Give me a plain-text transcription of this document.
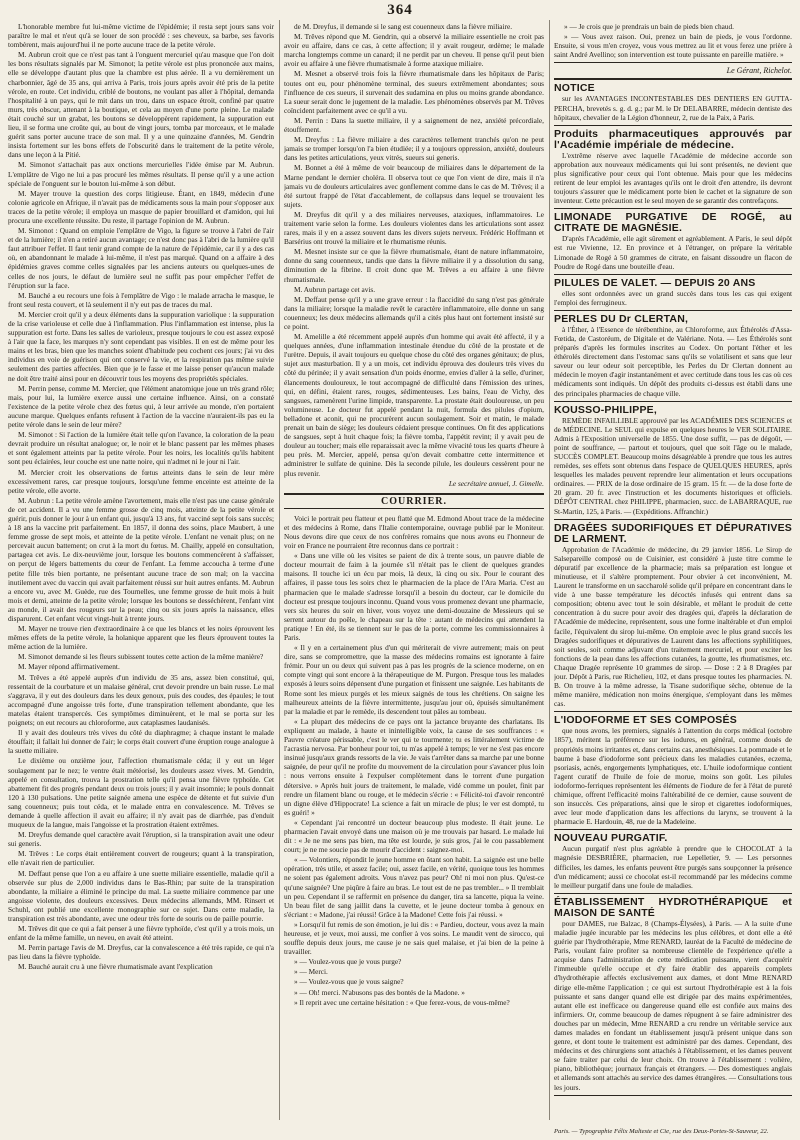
364

L'honorable membre fut lui-même victime de l'épidémie; il resta sept jours sans voir paraître le mal et n'eut qu'à se louer de son procédé : ses cheveux, sa barbe, ses favoris tombèrent, mais aujourd'hui il ne porte aucune trace de la petite vérole.

M. Aubrun croit que ce n'est pas tant à l'onguent mercuriel qu'au masque que l'on doit les bons résultats signalés par M. Simonot; la petite vérole est plus prononcée aux mains, elle se développe d'autant plus que la chambre est plus aérée. Il a vu dernièrement un charbonnier, âgé de 35 ans, qui arriva à Paris, trois jours après avoir été pris de la petite vérole, en route. Cet individu, criblé de boutons, ne voulant pas aller à l'hôpital, demanda l'hospitalité à un pays, qui le mit dans un trou, dans un espace étroit, confiné par quatre murs, très obscur, attenant à la boutique, et cela au moyen d'une porte pleine. Le malade était couché sur un grabat, les boutons se développèrent rapidement, la suppuration eut lieu, il se forma une croûte qui, au bout de vingt jours, tomba par morceaux, et le malade guérit sans porter aucune trace de son mal. Il y a une quinzaine d'années, M. Gendrin insista fortement sur les bons effets de l'obscurité dans le traitement de la petite vérole, dans une leçon à la Pitié.

M. Simonot s'attachait pas aux onctions mercurielles l'idée émise par M. Aubrun. L'emplâtre de Vigo ne lui a pas procuré les mêmes résultats. Il pense qu'il y a une action spéciale de l'onguent sur le bouton lui-même à son début.

M. Mayer trouve la question des corps litigieuse. Étant, en 1849, médecin d'une colonie agricole en Afrique, il n'avait pas de médicaments sous la main pour s'opposer aux traces de la petite vérole; il employa un masque de papier brouillard et d'amidon, qui lui procura une excellente réussite. Du reste, il partage l'opinion de M. Aubrun.

M. Simonot : Quand on emploie l'emplâtre de Vigo, la figure se trouve à l'abri de l'air et de la lumière; il n'en a retiré aucun avantage; ce n'est donc pas à l'abri de la lumière qu'il faut attribuer l'effet. Il faut tenir grand compte de la nature de l'épidémie, car il y a des cas où, en abandonnant le malade à lui-même, il n'est pas marqué. Quand on a affaire à des épidémies graves comme celles signalées par les anciens auteurs ou quelques-unes de celles de nos jours, le défaut de lumière seul ne suffit pas pour empêcher l'effet de l'éruption sur la face.

M. Bauché a eu recours une fois à l'emplâtre de Vigo : le malade arracha le masque, le front seul resta couvert, et là seulement il n'y eut pas de traces du mal.

M. Mercier croit qu'il y a deux éléments dans la suppuration variolique : la suppuration de la crise varioleuse et celle due à l'inflammation. Plus l'inflammation est intense, plus la suppuration est forte. Dans les salles de varioleux, presque toujours le cou est assez exposé à l'air que la face, les marques n'y sont cependant pas visibles. Il en est de même pour les mains et les bras, bien que les manches soient d'habitude peu cochent ces jours; j'ai vu des individus en voie de guérison qui ont conservé la vie, et la respiration pas même suivie seulement des parties affectées. Bien que je le fasse et me laisse penser qu'aucun malade ne doit être traité ainsi pour en découvrir tous les moyens des propriétés spéciales.

M. Perrin pense, comme M. Mercier, que l'élément anatomique joue un très grand rôle; mais, pour lui, la lumière exerce aussi une certaine influence. Ainsi, on a constaté l'existence de la petite vérole chez des fœtus qui, à leur arrivée au monde, n'en portaient aucune marque. Quelques enfants refusent à l'action de la vaccine n'auraient-ils pas eu la petite vérole dans le sein de leur mère?

M. Simonot : Si l'action de la lumière était telle qu'on l'avance, la coloration de la peau devrait produire un résultat analogue; or, le noir et le blanc passent par les mêmes phases et sont également atteints par la petite vérole. Pour les noirs, les localités qu'ils habitent sont peu éclairées, leur couche est une natte noire, qui n'admet ni le jour ni l'air.

M. Mercier croit les observations de fœtus atteints dans le sein de leur mère excessivement rares, car presque toujours, lorsqu'une femme enceinte est atteinte de la petite vérole, elle avorte.

M. Aubrun : La petite vérole amène l'avortement, mais elle n'est pas une cause générale de cet accident. Il a vu une femme grosse de cinq mois, atteinte de la petite vérole et guérir, puis donner le jour à un enfant qui, jusqu'à 13 ans, fut vacciné sept fois sans succès; à 18 ans la vaccine prit parfaitement. En 1857, il donna des soins, place Maubert, à une femme grosse de sept mois, et atteinte de la petite vérole. L'enfant ne venait plus; on ne percevait aucun battement; on crut à la mort du fœtus. M. Chailly, appelé en consultation, partagea cet avis. Le dix-neuvième jour, lorsque les boutons commencèrent à s'affaisser, on perçut de légers battements du cœur de l'enfant. La femme accoucha à terme d'une petite fille très bien portante, ne présentant aucune trace de son mal; on la vaccina inutilement avec du vaccin qui avait parfaitement réussi sur huit autres enfants. M. Aubrun a encore vu, avec M. Guède, rue des Tournelles, une femme grosse de huit mois à huit mois et demi, atteinte de la petite vérole; lorsque les boutons se desséchèrent, l'enfant vint au monde, il avait des rougeurs sur la peau; cinq ou six jours après la naissance, elles disparurent. Cet enfant vécut vingt-huit à trente jours.

M. Mayer ne trouve rien d'extraordinaire à ce que les blancs et les noirs éprouvent les mêmes effets de la petite vérole, la holanique apparent que les fleurs éprouvent toutes la même action de la lumière.

M. Simonot demande si les fleurs subissent toutes cette action de la même manière?

M. Mayer répond affirmativement.

M. Trêves a été appelé auprès d'un individu de 35 ans, assez bien constitué, qui, ressentait de la courbature et un malaise général, crut devoir prendre un bain russe. Le mal s'aggrava, il y eut des douleurs dans les deux genoux, puis des coudes, des épaules; le tout accompagné d'une angoisse très forte, d'une transpiration tellement abondante, que les matelas étaient transpercés. Ces symptômes diminuèrent, et le mal se porta sur les poignets; on eut recours au chloroforme, aux cataplasmes laudanisés.

Il y avait des douleurs très vives du côté du diaphragme; à chaque instant le malade étouffait; il fallait lui donner de l'air; le corps était couvert d'une éruption rouge analogue à la suette miliaire.

Le dixième ou onzième jour, l'affection rhumatismale céda; il y eut un léger soulagement par le nez; le ventre était météorisé, les douleurs assez vives. M. Gendrin, appelé en consultation, trouva la prostration telle qu'il pensa une fièvre typhoïde. Cet abattement fit des progrès pendant deux ou trois jours; il y avait insomnie; le pouls donnait 120 à 130 pulsations. Une petite saignée amena une espèce de détente et fut suivie d'un sang couenneux; puis tout céda, et le malade entra en convalescence. M. Trêves se demande à quelle affection il avait eu affaire; il n'y avait pas de diarrhée, pas d'enduit muqueux de la langue, mais l'angoisse et la prostration étaient extrêmes.

M. Dreyfus demande quel caractère avait l'éruption, si la transpiration avait une odeur sui generis.

M. Trêves : Le corps était entièrement couvert de rougeurs; quant à la transpiration, elle n'avait rien de particulier.

M. Deffaut pense que l'on a eu affaire à une suette miliaire essentielle, maladie qu'il a observée sur plus de 2,000 individus dans le Bas-Rhin; par suite de la transpiration abondante, la miliaire a éliminé le principe du mal. La suette miliaire commence par une angoisse violente, des douleurs excessives. Deux médecins allemands, MM. Rinsert et Schuhl, ont publié une excellente monographie sur ce sujet. Dans cette maladie, la transpiration est très abondante, avec une odeur très forte de souris ou de paille pourrie.

M. Trêves dit que ce qui a fait penser à une fièvre typhoïde, c'est qu'il y a trois mois, un enfant de la même famille, un neveu, en avait été atteint.

M. Perrin partage l'avis de M. Dreyfus, car la convalescence a été très rapide, ce qui n'a pas lieu dans la fièvre typhoïde.

M. Bauché aurait cru à une fièvre rhumatismale avant l'explication

de M. Dreyfus, il demande si le sang est couenneux dans la fièvre miliaire.

M. Trêves répond que M. Gendrin, qui a observé la miliaire essentielle ne croit pas avoir eu affaire, dans ce cas, à cette affection; il y avait rougeur, œdème; le malade marcha longtemps comme un canard; il ne perdit par un cheveu. Il pense qu'il peut bien avoir eu affaire à une fièvre rhumatismale à forme ataxique miliaire.

M. Mesnet a observé trois fois la fièvre rhumatismale dans les hôpitaux de Paris; toutes ont eu, pour phénomène terminal, des sueurs extrêmement abondantes; sous l'influence de ces sueurs, il survenait des sudamina en plus ou moins grande abondance. La sueur serait donc le jugement de la maladie. Les phénomènes observés par M. Trêves coïncident parfaitement avec ce qu'il a vu.

M. Perrin : Dans la suette miliaire, il y a saignement de nez, anxiété précordiale, étouffement.

M. Dreyfus : La fièvre miliaire a des caractères tellement tranchés qu'on ne peut jamais se tromper lorsqu'on l'a bien étudiée; il y a toujours oppression, anxiété, douleurs dans les petites articulations, yeux vitrés, sueurs sui generis.

M. Bonnet a été à même de voir beaucoup de miliaires dans le département de la Marne pendant le dernier choléra. Il observa tout ce que l'on vient de dire, mais il n'a jamais vu de douleurs articulaires avec gonflement comme dans le cas de M. Trêves; il a été surtout frappé de l'état d'accablement, de collapsus dans lequel se trouvaient les sujets.

M. Dreyfus dit qu'il y a des miliaires nerveuses, ataxiques, inflammatoires. Le traitement varie selon la forme. Les douleurs violentes dans les articulations sont assez rares, mais il y en a assez souvent dans les divers sujets nerveux. Frédéric Hoffmann et Barsérius ont trouvé la miliaire et le rhumatisme réunis.

M. Mesnet insiste sur ce que la fièvre rhumatismale, étant de nature inflammatoire, donne du sang couenneux, tandis que dans la fièvre miliaire il y a dissolution du sang, diminution de la fibrine. Il croit donc que M. Trêves a eu affaire à une fièvre rhumatismale.

M. Aubrun partage cet avis.

M. Deffaut pense qu'il y a une grave erreur : la flaccidité du sang n'est pas générale dans la miliaire; lorsque la maladie revêt le caractère inflammatoire, elle donne un sang couenneux; les deux médecins allemands qu'il a cités plus haut ont fortement insisté sur ce point.

M. Amelille a été récemment appelé auprès d'un homme qui avait été affecté, il y a quelques années, d'une inflammation intestinale étendue du côté de la prostate et de l'urètre. Depuis, il avait toujours eu quelque chose du côté des organes génitaux; de plus, sujet aux masturbation. Il y a un mois, cet individu éprouva des douleurs très vives du côté du périnée; il y avait sensation d'un poids énorme, envies d'aller à la selle, d'uriner, élancements douloureux, le tout accompagné de difficulté dans l'émission des urines, qui, en défini, étaient rares, rouges, sédimenteuses. Les bains, l'eau de Vichy, des sangsues, ramenèrent l'urine limpide, transparente. La prostate était douloureuse, un peu volumineuse. Le docteur fut appelé pendant la nuit, formula des pilules d'opium, belladone et aconit, qui ne procurèrent aucun soulagement. Soir et matin, le malade prenait un bain de siège; les douleurs cédaient presque continues. On fit des applications de sangsues, sept à huit chaque fois; la fièvre tomba, l'appétit revint; il y avait peu de douleur au toucher; mais elle reparaissait avec la même vivacité tous les quarts d'heure à peu près. M. Mercier, appelé, pensa qu'on devait combattre cette intermittence et administrer le sulfate de quinine. Dès la seconde pilule, les douleurs cessèrent pour ne plus revenir.

Le secrétaire annuel, J. Gimelle.
COURRIER.

Voici le portrait peu flatteur et peu flatté que M. Edmond About trace de la médecine et des médecins à Rome, dans l'Italie contemporaine, ouvrage publié par le Moniteur. Nous devons dire que ceux de nos confrères romains que nous avons eu l'honneur de voir en France ne pourraient être reconnus dans ce portrait :

« Dans une ville où les visites se paient de dix à trente sous, un pauvre diable de docteur mourrait de faim à la journée s'il n'était pas le client de quelques grandes maisons. Il touche ici un écu par mois, là deux, là cinq ou six. Pour le courant des affaires, il passe tous les soirs chez le pharmacien de la place de l'Ara Maria. C'est au pharmacien que le malade s'adresse lorsqu'il a besoin du docteur, car le domicile du docteur est presque toujours inconnu. Quand vous vous promenez devant une pharmacie, vers six heures du soir en hiver, vous voyez une demi-douzaine de Messieurs qui se serrent autour du poêle, le chapeau sur la tête : autant de médecins qui attendent la pratique ! En été, ils se tiennent sur le pas de la porte, comme les commissionnaires à Paris.

« Il y en a certainement plus d'un qui mériterait de vivre autrement; mais on peut dire, sans se compromettre, que la masse des médecins romains est ignorante à faire frémir. Pour un ou deux qui suivent pas à pas les progrès de la science moderne, on en compte vingt qui sont encore à la thérapeutique de M. Purgon. Presque tous les malades exposés à leurs soins dépensent d'une purgation et finissent une saignée. Les habitants de Rome sont les mieux purgés et les mieux saignés de tous les chrétiens. On saigne les malheureux atteints de la fièvre intermittente, jusqu'au jour où, épuisés simultanément par la maladie et par le remède, ils descendent tout pâles au tombeau.

« La plupart des médecins de ce pays ont la jactance bruyante des charlatans. Ils expliquent au malade, à haute et inintelligible voix, la cause de ses souffrances : « Pauvre créature périssable, c'est le ver qui te tourmente; tu es littéralement victime de l'acrastia nervosa. Par bonheur pour toi, tu m'as appelé à temps; le ver ne s'est pas encore insinué jusqu'aux grands ressorts de la vie. Je vais t'arrêter dans sa marche par une bonne saignée, de peur qu'il ne profite du mouvement de la circulation pour s'avancer plus loin : nous verrons ensuite à l'expulser complètement dans le torrent d'une purgation détersive. » Après huit jours de traitement, le malade, vidé comme un poulet, finit par rendre un filament blanc ou rouge, et le médecin s'écrie : « Félicité-toi d'avoir rencontré un digne élève d'Hippocrate! La science a fait un miracle de plus; le ver est dompté, tu es guéri! »

« Cependant j'ai rencontré un docteur beaucoup plus modeste. Il était jeune. Le pharmacien l'avait envoyé dans une maison où je me trouvais par hasard. Le malade lui dit : « Je ne me sens pas bien, ma tête est lourde, je suis gros, j'ai le cou passablement court; je ne me soucie pas de mourir d'accident : saignez-moi.

« — Volontiers, répondit le jeune homme en ôtant son habit. La saignée est une belle opération, très utile, et assez facile; oui, assez facile, en vérité, quoique tous les hommes ne soient pas également adroits. Vous n'avez pas peur? Oh! ni moi non plus. Qu'est-ce qu'une saignée? Une piqûre à faire au bras. Le tout est de ne pas trembler... » Il tremblait un peu. Cependant il se raffermit en présence du danger, tira sa lancette, piqua la veine. Un beau filet de sang jaillit dans la cuvette, et le jeune docteur tomba à genoux en s'écriant : « Madone, j'ai réussi! Grâce à la Madone! Cette fois j'ai réussi. »

» Lorsqu'il fut remis de son émotion, je lui dis : « Pardieu, docteur, vous avez la main heureuse, et je veux, moi aussi, me confier à vos soins. Le maudit vent de sirocco, qui souffle depuis deux jours, me cause je ne sais quel malaise, et j'ai bien de la peine à travailler.

» — Voulez-vous que je vous purge?

» — Merci.

» — Voulez-vous que je vous saigne?

» — Oh! merci. N'abusons pas des bontés de la Madone. »

» Il reprit avec une certaine hésitation : « Que ferez-vous, de vous-même?

» — Je crois que je prendrais un bain de pieds bien chaud.

» — Vous avez raison. Oui, prenez un bain de pieds, je vous l'ordonne. Ensuite, si vous m'en croyez, vous vous mettrez au lit et vous ferez une prière à saint André Avellino; son intervention est toute puissante en pareille matière. »

Le Gérant, Richelot.
NOTICE

sur les AVANTAGES INCONTESTABLES DES DENTIERS EN GUTTA-PERCHA, brevetés s. g. d. g.; par M. le Dr DELABARRE, médecin dentiste des hôpitaux, chevalier de la Légion d'honneur, 2, rue de la Paix, à Paris.

Produits pharmaceutiques approuvés par l'Académie impériale de médecine.

L'extrême réserve avec laquelle l'Académie de médecine accorde son approbation aux nouveaux médicaments qui lui sont présentés, ne devient que plus significative pour ceux qui l'ont obtenue. Mais pour que les médecins retirent de leur emploi les avantages qu'ils ont le droit d'en attendre, ils devront toujours s'assurer que le médicament porte bien le cachet et la signature de son inventeur. Cette précaution est le seul moyen de se garantir des contrefaçons.

LIMONADE PURGATIVE DE ROGÉ, au CITRATE DE MAGNÉSIE.

D'après l'Académie, elle agit sûrement et agréablement. A Paris, le seul dépôt est rue Vivienne, 12. En province et à l'étranger, on prépare la véritable Limonade de Rogé à 50 grammes de citrate, en faisant dissoudre un flacon de Poudre de Rogé dans une bouteille d'eau.

PILULES DE VALET. — DEPUIS 20 ANS

elles sont ordonnées avec un grand succès dans tous les cas qui exigent l'emploi des ferrugineux.

PERLES DU Dr CLERTAN,

à l'Éther, à l'Essence de térébenthine, au Chloroforme, aux Éthérolés d'Assa-Fœtida, de Castoréum, de Digitale et de Valériane. Nota. — Les Éthérolés sont préparés d'après les formules inscrites au Codex. On portant l'éther et les éthérolés directement dans l'estomac sans qu'ils se volatilisent et sans que leur saveur ou leur odeur soit perceptible, les Perles du Dr Clertan donnent au médecin le moyen d'agir instantanément et avec certitude dans tous les cas où ces médicaments sont indiqués. Un dépôt des produits ci-dessus est établi dans une des principales pharmacies de chaque ville.

KOUSSO-PHILIPPE,

REMÈDE INFAILLIBLE approuvé par les ACADÉMIES DES SCIENCES et de MÉDECINE. Le SEUL qui expulse en quelques heures le VER SOLITAIRE. Admis à l'Exposition universelle de 1855. Une dose suffit, — pas de dégoût, — point de souffrance, — partout et toujours, quel que soit l'âge ou le malade, SUCCÈS COMPLET. Beaucoup moins désagréable à prendre que tous les autres remèdes, ses effets sont obtenus dans l'espace de QUELQUES HEURES, après lesquelles les malades peuvent reprendre leur alimentation et leurs occupations ordinaires. — PRIX de la dose ordinaire de 15 gram. 15 fr. — de la dose forte de 20 gram. 20 fr. avec l'instruction et les documents historiques et officiels. DÉPÔT CENTRAL chez PHILIPPE, pharmacien, succ. de LABARRAQUE, rue St-Martin, 125, à Paris. — (Expéditions. Affranchir.)

DRAGÉES SUDORIFIQUES ET DÉPURATIVES DE LARMENT.

Approbation de l'Académie de médecine, du 29 janvier 1856. Le Sirop de Salsepareille composé ou de Cuisinier, est considéré à juste titre comme le dépuratif par excellence de la pharmacie; mais sa préparation est longue et minutieuse, et il s'altère promptement. Pour obvier à cet inconvénient, M. Laurent le transforme en un saccharolé solide qu'il prépare en concentrant dans le vide à une basse température les décoctés infusés qui entrent dans sa composition; obtenu avec tout le soin désirable, et mêlant le produit de cette concentration à du sucre pour avoir des dragées qui, d'après la déclaration de l'Académie de médecine, représentent, sous une forme inaltérable et d'un emploi facile, l'équivalent du sirop lui-même. On emploie avec le plus grand succès les Dragées sudorifiques et dépuratives de Laurent dans les affections syphilitiques, soit seules, soit comme adjuvant d'un traitement mercuriel, et pour exciter les fonctions de la peau dans les affections cutanées, la goutte, les rhumatismes, etc. Chaque Dragée représente 10 grammes de sirop. — Dose : 2 à 8 Dragées par jour. Dépôt à Paris, rue Richelieu, 102, et dans presque toutes les pharmacies. N. B. On trouve à la même adresse, la Tisane sudorifique sèche, obtenue de la même manière, médication non moins énergique, s'employant dans les mêmes cas.

L'IODOFORME ET SES COMPOSÉS

que nous avons, les premiers, signalés à l'attention du corps médical (octobre 1857), méritent la préférence sur les iodures, en général, comme doués de propriétés moins irritantes et, dans certains cas, anesthésiques. La pommade et le baume à base d'iodoforme sont précieux dans les maladies cutanées, eczema, psoriasis, acnés, engorgements lymphatiques, etc. L'huile iodoformique contient l'agent curatif de l'huile de foie de morue, moins son goût. Les pilules iodoformo-ferriques représentent les éléments de l'iodure de fer à l'état de pureté chimique, offrent l'efficacité moins l'altérabilité de ce dernier, cause souvent de son insuccès. Ces préparations, ainsi que le sirop et cigarettes iodoformiques, avec leur mode d'application dans les affections du larynx, se trouvent à la pharmacie E. Hardouin, 48, rue de la Madeleine.

NOUVEAU PURGATIF.

Aucun purgatif n'est plus agréable à prendre que le CHOCOLAT à la magnésie DESBRIÈRE, pharmacien, rue Lepelletier, 9. — Les personnes difficiles, les dames, les enfants peuvent être purgés sans soupçonner la présence d'un médicament; aussi ce chocolat est-il recommandé par les médecins comme le meilleur purgatif dans une foule de maladies.

ÉTABLISSEMENT HYDROTHÉRAPIQUE et MAISON DE SANTÉ

pour DAMES, rue Balzac, 8 (Champs-Élysées), à Paris. — A la suite d'une maladie jugée incurable par les médecins les plus célèbres, et dont elle a été guérie par l'hydrothérapie, Mme RENARD, lauréat de la Faculté de médecine de Paris, voulant faire profiter sa nombreuse clientèle de l'expérience qu'elle a acquise dans l'administration de cette médication puissante, vient d'acquérir l'immeuble qu'elle occupe et d'y faire établir des appareils complets d'hydrothérapie affectés exclusivement aux dames, et dont Mme RENARD dirige elle-même l'application ; ce qui est surtout l'hydrothérapie est à la fois puissante et sans danger quand elle est dirigée par des mains expérimentées, autant elle est inefficace ou dangereuse quand elle est confiée aux mains des infirmiers. Or, comme beaucoup de dames répugnent à se faire administrer des douches par un médecin, Mme RENARD a cru rendre un véritable service aux dames malades en fondant un établissement jusqu'à présent unique dans son genre, et dont toute le traitement est administré par des dames. Cependant, des médecins et des chirurgiens sont attachés à l'établissement, et les dames peuvent se faire traiter par celui de leur choix. On trouve à l'établissement : volière, piano, bibliothèque; journaux français et étrangers. — Des domestiques anglais et allemands sont attachés au service des dames étrangères. — Consultations tous les jours.

Paris. — Typographie Félix Malteste et Cie, rue des Deux-Portes-St-Sauveur, 22.
